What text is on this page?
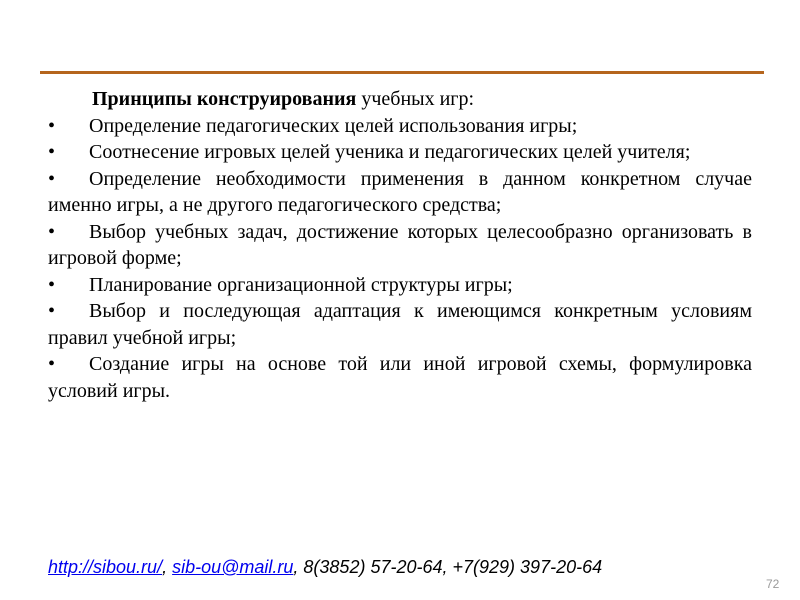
Принципы конструирования учебных игр:

• Определение педагогических целей использования игры;

• Соотнесение игровых целей ученика и педагогических целей учителя;

• Определение необходимости применения в данном конкретном случае именно игры, а не другого педагогического средства;

• Выбор учебных задач, достижение которых целесообразно организовать в игровой форме;

• Планирование организационной структуры игры;

• Выбор и последующая адаптация к имеющимся конкретным условиям правил учебной игры;

• Создание игры на основе той или иной игровой схемы, формулировка условий игры.

http://sibou.ru/, sib-ou@mail.ru, 8(3852) 57-20-64, +7(929) 397-20-64
72
